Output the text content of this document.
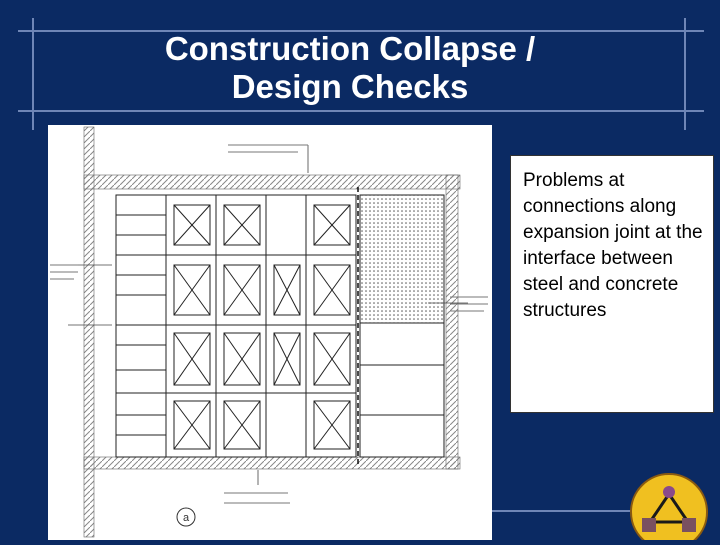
Construction Collapse /
Design Checks
a
Problems at connections along expansion joint at the interface between steel and concrete structures
